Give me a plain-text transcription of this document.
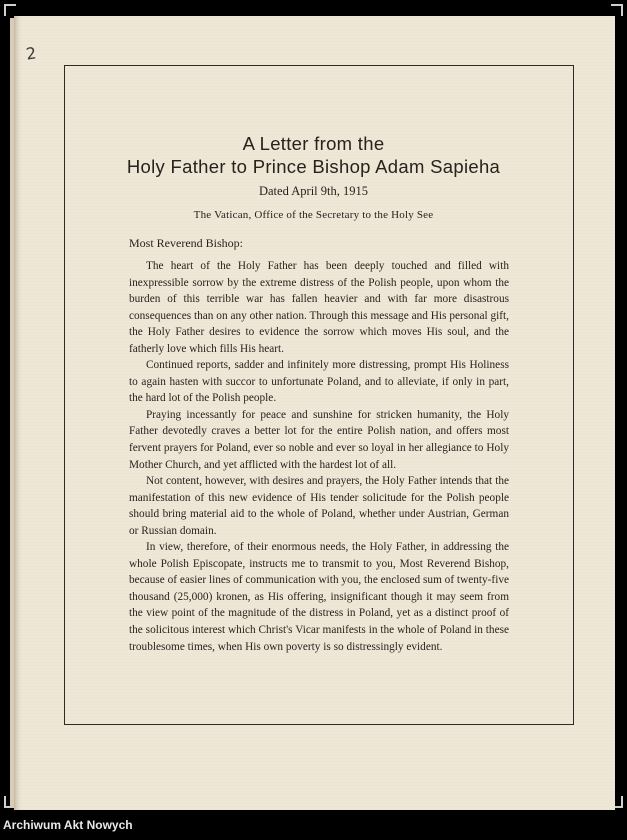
2
A Letter from the
Holy Father to Prince Bishop Adam Sapieha
Dated April 9th, 1915
The Vatican, Office of the Secretary to the Holy See
Most Reverend Bishop:

The heart of the Holy Father has been deeply touched and filled with inexpressible sorrow by the extreme distress of the Polish people, upon whom the burden of this terrible war has fallen heavier and with far more disastrous consequences than on any other nation. Through this message and His personal gift, the Holy Father desires to evidence the sorrow which moves His soul, and the fatherly love which fills His heart.

Continued reports, sadder and infinitely more distressing, prompt His Holiness to again hasten with succor to unfortunate Poland, and to alleviate, if only in part, the hard lot of the Polish people.

Praying incessantly for peace and sunshine for stricken humanity, the Holy Father devotedly craves a better lot for the entire Polish nation, and offers most fervent prayers for Poland, ever so noble and ever so loyal in her allegiance to Holy Mother Church, and yet afflicted with the hardest lot of all.

Not content, however, with desires and prayers, the Holy Father intends that the manifestation of this new evidence of His tender solicitude for the Polish people should bring material aid to the whole of Poland, whether under Austrian, German or Russian domain.

In view, therefore, of their enormous needs, the Holy Father, in addressing the whole Polish Episcopate, instructs me to transmit to you, Most Reverend Bishop, because of easier lines of communication with you, the enclosed sum of twenty-five thousand (25,000) kronen, as His offering, insignificant though it may seem from the view point of the magnitude of the distress in Poland, yet as a distinct proof of the solicitous interest which Christ's Vicar manifests in the whole of Poland in these troublesome times, when His own poverty is so distressingly evident.

Archiwum Akt Nowych
